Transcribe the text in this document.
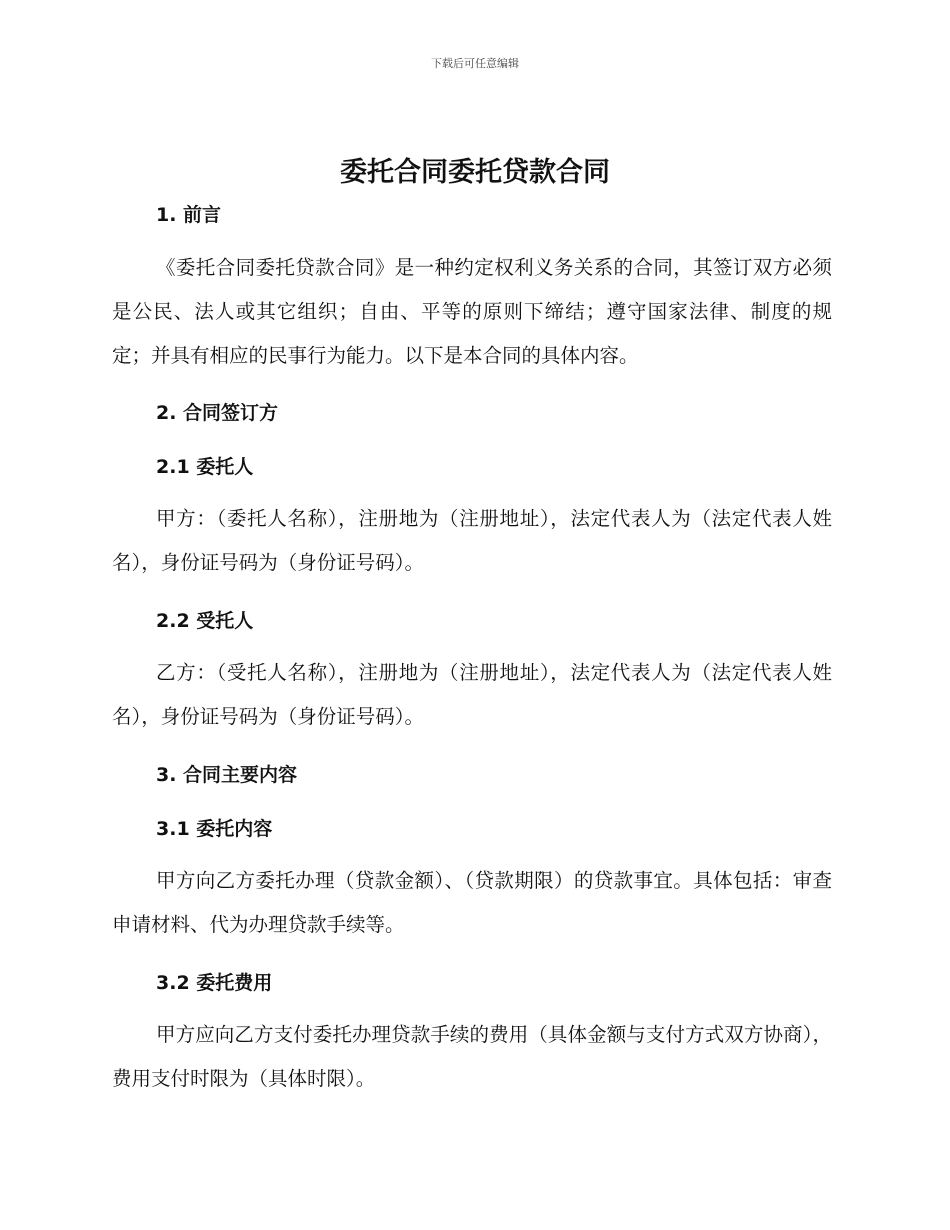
下载后可任意编辑
委托合同委托贷款合同
1. 前言

《委托合同委托贷款合同》是一种约定权利义务关系的合同，其签订双方必须是公民、法人或其它组织；自由、平等的原则下缔结；遵守国家法律、制度的规定；并具有相应的民事行为能力。以下是本合同的具体内容。

2. 合同签订方
2.1 委托人

甲方：（委托人名称），注册地为（注册地址），法定代表人为（法定代表人姓名），身份证号码为（身份证号码）。

2.2 受托人

乙方：（受托人名称），注册地为（注册地址），法定代表人为（法定代表人姓名），身份证号码为（身份证号码）。

3. 合同主要内容
3.1 委托内容

甲方向乙方委托办理（贷款金额）、（贷款期限）的贷款事宜。具体包括：审查申请材料、代为办理贷款手续等。

3.2 委托费用

甲方应向乙方支付委托办理贷款手续的费用（具体金额与支付方式双方协商），费用支付时限为（具体时限）。
